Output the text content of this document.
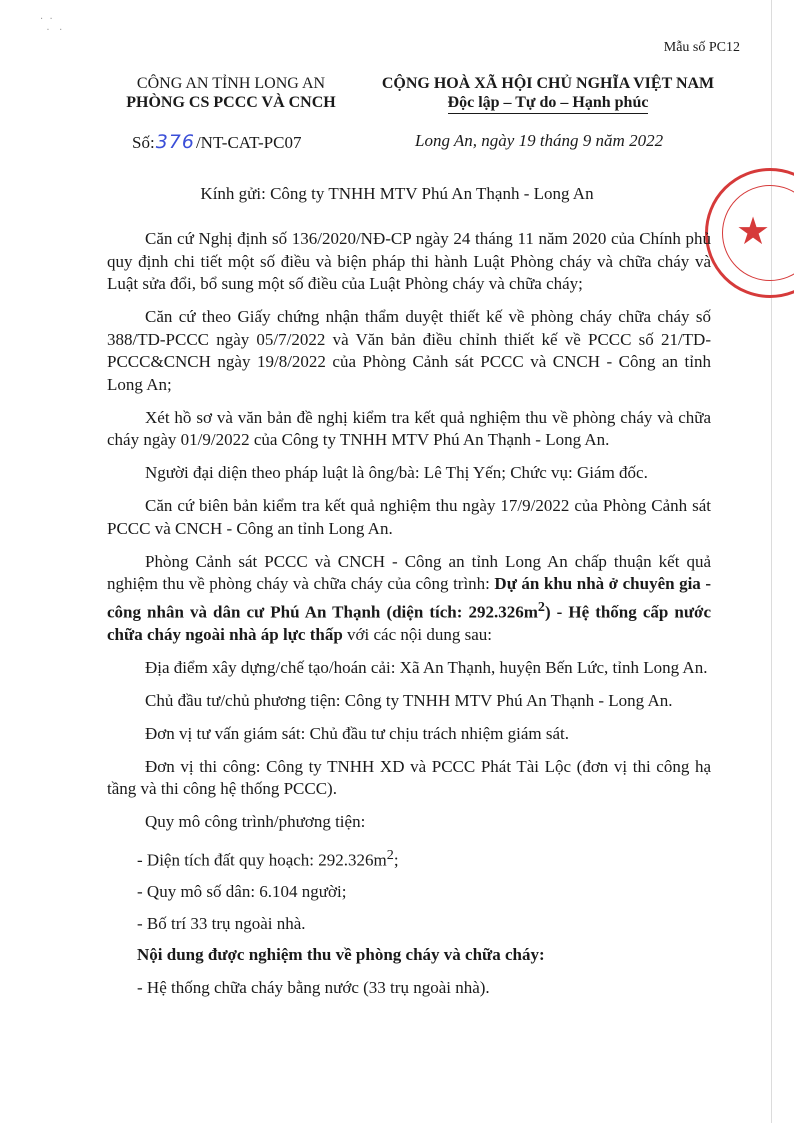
·  ·
·   ·
Mẫu số PC12
CÔNG AN TỈNH LONG AN
PHÒNG CS PCCC VÀ CNCH
CỘNG HOÀ XÃ HỘI CHỦ NGHĨA VIỆT NAM
Độc lập – Tự do – Hạnh phúc
Số:376/NT-CAT-PC07	Long An, ngày 19 tháng 9 năm 2022
★
Kính gửi: Công ty TNHH MTV Phú An Thạnh - Long An

Căn cứ Nghị định số 136/2020/NĐ-CP ngày 24 tháng 11 năm 2020 của Chính phủ quy định chi tiết một số điều và biện pháp thi hành Luật Phòng cháy và chữa cháy và Luật sửa đổi, bổ sung một số điều của Luật Phòng cháy và chữa cháy;

Căn cứ theo Giấy chứng nhận thẩm duyệt thiết kế về phòng cháy chữa cháy số 388/TD-PCCC ngày 05/7/2022 và Văn bản điều chỉnh thiết kế về PCCC số 21/TD-PCCC&CNCH ngày 19/8/2022 của Phòng Cảnh sát PCCC và CNCH - Công an tỉnh Long An;

Xét hồ sơ và văn bản đề nghị kiểm tra kết quả nghiệm thu về phòng cháy và chữa cháy ngày 01/9/2022 của Công ty TNHH MTV Phú An Thạnh - Long An.

Người đại diện theo pháp luật là ông/bà: Lê Thị Yến; Chức vụ: Giám đốc.

Căn cứ biên bản kiểm tra kết quả nghiệm thu ngày 17/9/2022 của Phòng Cảnh sát PCCC và CNCH - Công an tỉnh Long An.

Phòng Cảnh sát PCCC và CNCH - Công an tỉnh Long An chấp thuận kết quả nghiệm thu về phòng cháy và chữa cháy của công trình: Dự án khu nhà ở chuyên gia - công nhân và dân cư Phú An Thạnh (diện tích: $292.326m^2$) - Hệ thống cấp nước chữa cháy ngoài nhà áp lực thấp với các nội dung sau:

Địa điểm xây dựng/chế tạo/hoán cải: Xã An Thạnh, huyện Bến Lức, tỉnh Long An.

Chủ đầu tư/chủ phương tiện: Công ty TNHH MTV Phú An Thạnh - Long An.

Đơn vị tư vấn giám sát: Chủ đầu tư chịu trách nhiệm giám sát.

Đơn vị thi công: Công ty TNHH XD và PCCC Phát Tài Lộc (đơn vị thi công hạ tầng và thi công hệ thống PCCC).

Quy mô công trình/phương tiện:

- Diện tích đất quy hoạch: $292.326m^2$;

- Quy mô số dân: 6.104 người;

- Bố trí 33 trụ ngoài nhà.

Nội dung được nghiệm thu về phòng cháy và chữa cháy:

- Hệ thống chữa cháy bằng nước (33 trụ ngoài nhà).
